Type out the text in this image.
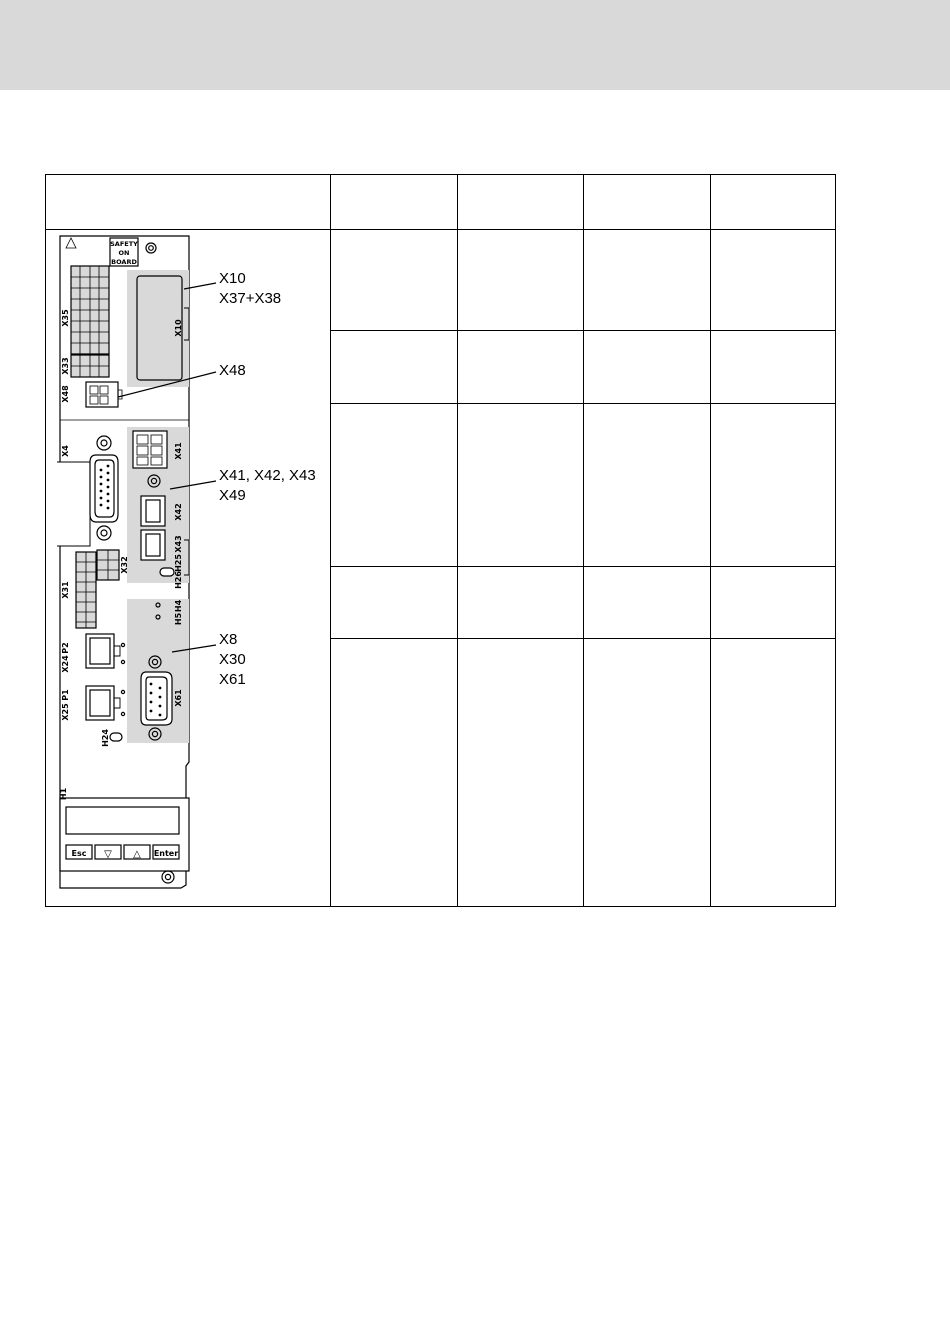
SAFETY
ON
BOARD
X35
X33
X48
X10
X4	X41
X42
X43
H25
H26
X32
X31
H4
H5
P2
X24
P1
X25
X61
H24
H1
Esc ▽ △ Enter
X10
X37+X38
X48
X41, X42, X43
X49
X8
X30
X61
